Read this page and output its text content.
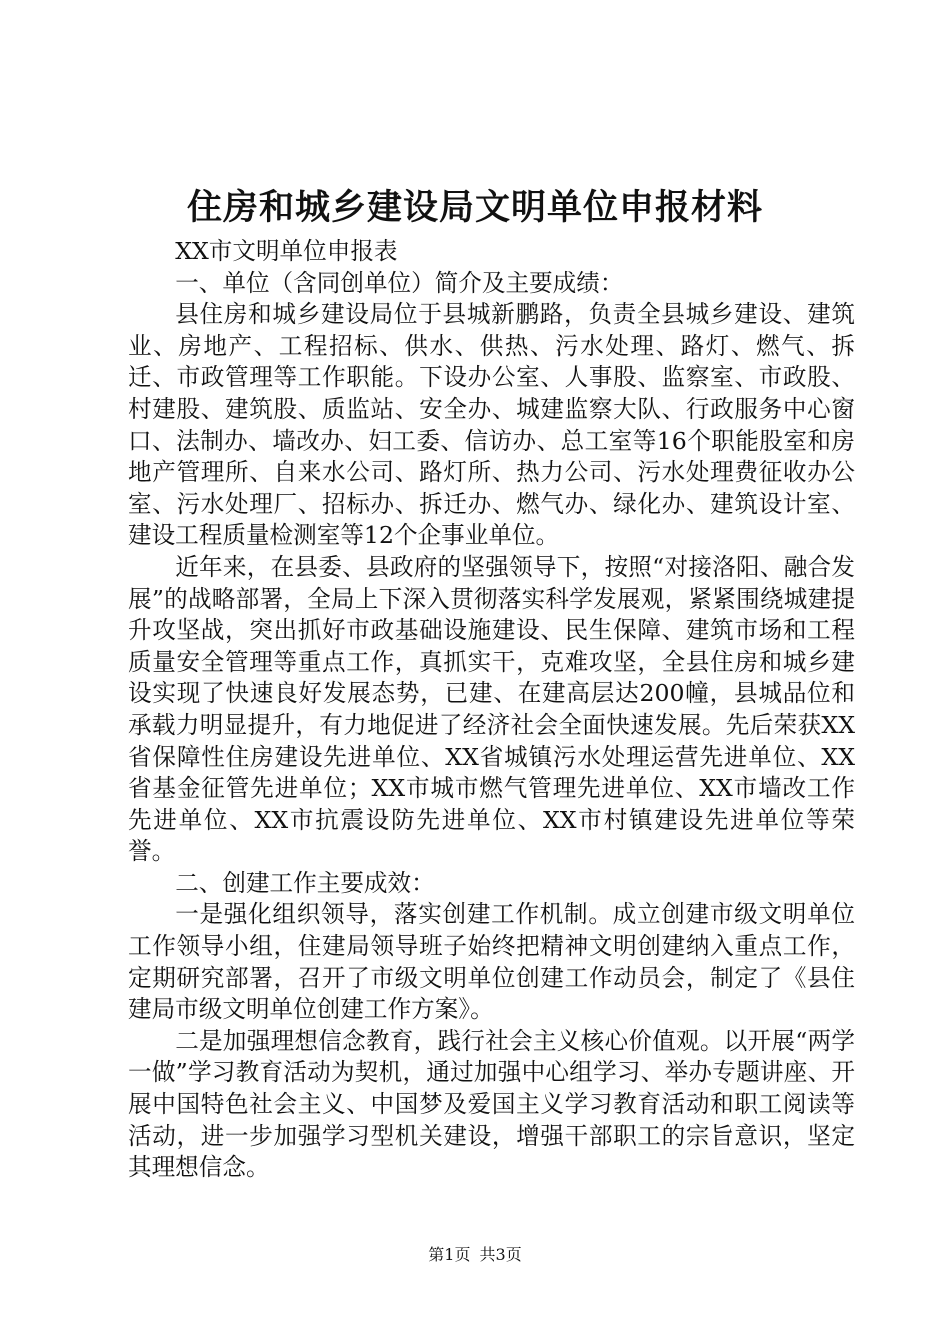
住房和城乡建设局文明单位申报材料

XX市文明单位申报表

一、单位（含同创单位）简介及主要成绩：

县住房和城乡建设局位于县城新鹏路，负责全县城乡建设、建筑业、房地产、工程招标、供水、供热、污水处理、路灯、燃气、拆迁、市政管理等工作职能。下设办公室、人事股、监察室、市政股、村建股、建筑股、质监站、安全办、城建监察大队、行政服务中心窗口、法制办、墙改办、妇工委、信访办、总工室等16个职能股室和房地产管理所、自来水公司、路灯所、热力公司、污水处理费征收办公室、污水处理厂、招标办、拆迁办、燃气办、绿化办、建筑设计室、建设工程质量检测室等12个企事业单位。

近年来，在县委、县政府的坚强领导下，按照“对接洛阳、融合发展”的战略部署，全局上下深入贯彻落实科学发展观，紧紧围绕城建提升攻坚战，突出抓好市政基础设施建设、民生保障、建筑市场和工程质量安全管理等重点工作，真抓实干，克难攻坚，全县住房和城乡建设实现了快速良好发展态势，已建、在建高层达200幢，县城品位和承载力明显提升，有力地促进了经济社会全面快速发展。先后荣获XX省保障性住房建设先进单位、XX省城镇污水处理运营先进单位、XX省基金征管先进单位；XX市城市燃气管理先进单位、XX市墙改工作先进单位、XX市抗震设防先进单位、XX市村镇建设先进单位等荣誉。

二、创建工作主要成效：

一是强化组织领导，落实创建工作机制。成立创建市级文明单位工作领导小组，住建局领导班子始终把精神文明创建纳入重点工作，定期研究部署，召开了市级文明单位创建工作动员会，制定了《县住建局市级文明单位创建工作方案》。

二是加强理想信念教育，践行社会主义核心价值观。以开展“两学一做”学习教育活动为契机，通过加强中心组学习、举办专题讲座、开展中国特色社会主义、中国梦及爱国主义学习教育活动和职工阅读等活动，进一步加强学习型机关建设，增强干部职工的宗旨意识，坚定其理想信念。

第1页 共3页
